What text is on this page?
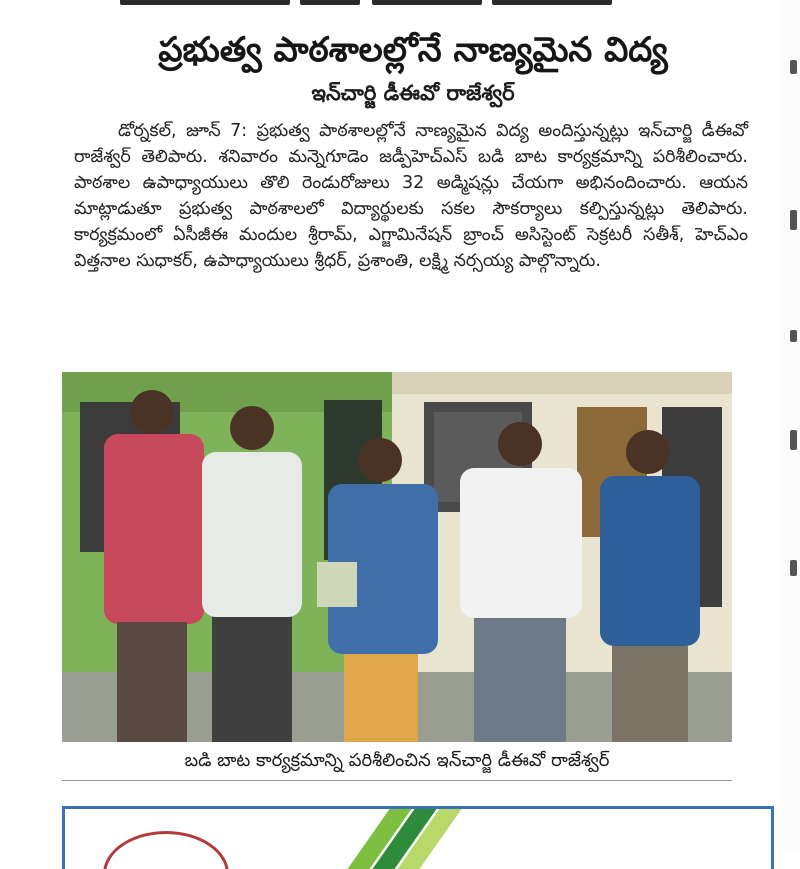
ప్రభుత్వ పాఠశాలల్లోనే నాణ్యమైన విద్య
ఇన్‌చార్జి డీఈవో రాజేశ్వర్
డోర్నకల్, జూన్ 7: ప్రభుత్వ పాఠశాలల్లోనే నాణ్యమైన విద్య అందిస్తున్నట్లు ఇన్‌చార్జి డీఈవో రాజేశ్వర్ తెలిపారు. శనివారం మన్నెగూడెం జడ్పీహెచ్ఎస్ బడి బాట కార్యక్రమాన్ని పరిశీలించారు. పాఠశాల ఉపాధ్యాయులు తొలి రెండురోజులు 32 అడ్మిషన్లు చేయగా అభినందించారు. ఆయన మాట్లాడుతూ ప్రభుత్వ పాఠశాలలో విద్యార్థులకు సకల సౌకర్యాలు కల్పిస్తున్నట్లు తెలిపారు. కార్యక్రమంలో ఏసీజీఈ మందుల శ్రీరామ్, ఎగ్జామినేషన్ బ్రాంచ్ అసిస్టెంట్ సెక్రటరీ సతీశ్, హెచ్ఎం విత్తనాల సుధాకర్, ఉపాధ్యాయులు శ్రీధర్, ప్రశాంతి, లక్ష్మి నర్సయ్య పాల్గొన్నారు.
బడి బాట కార్యక్రమాన్ని పరిశీలించిన ఇన్‌చార్జి డీఈవో రాజేశ్వర్
